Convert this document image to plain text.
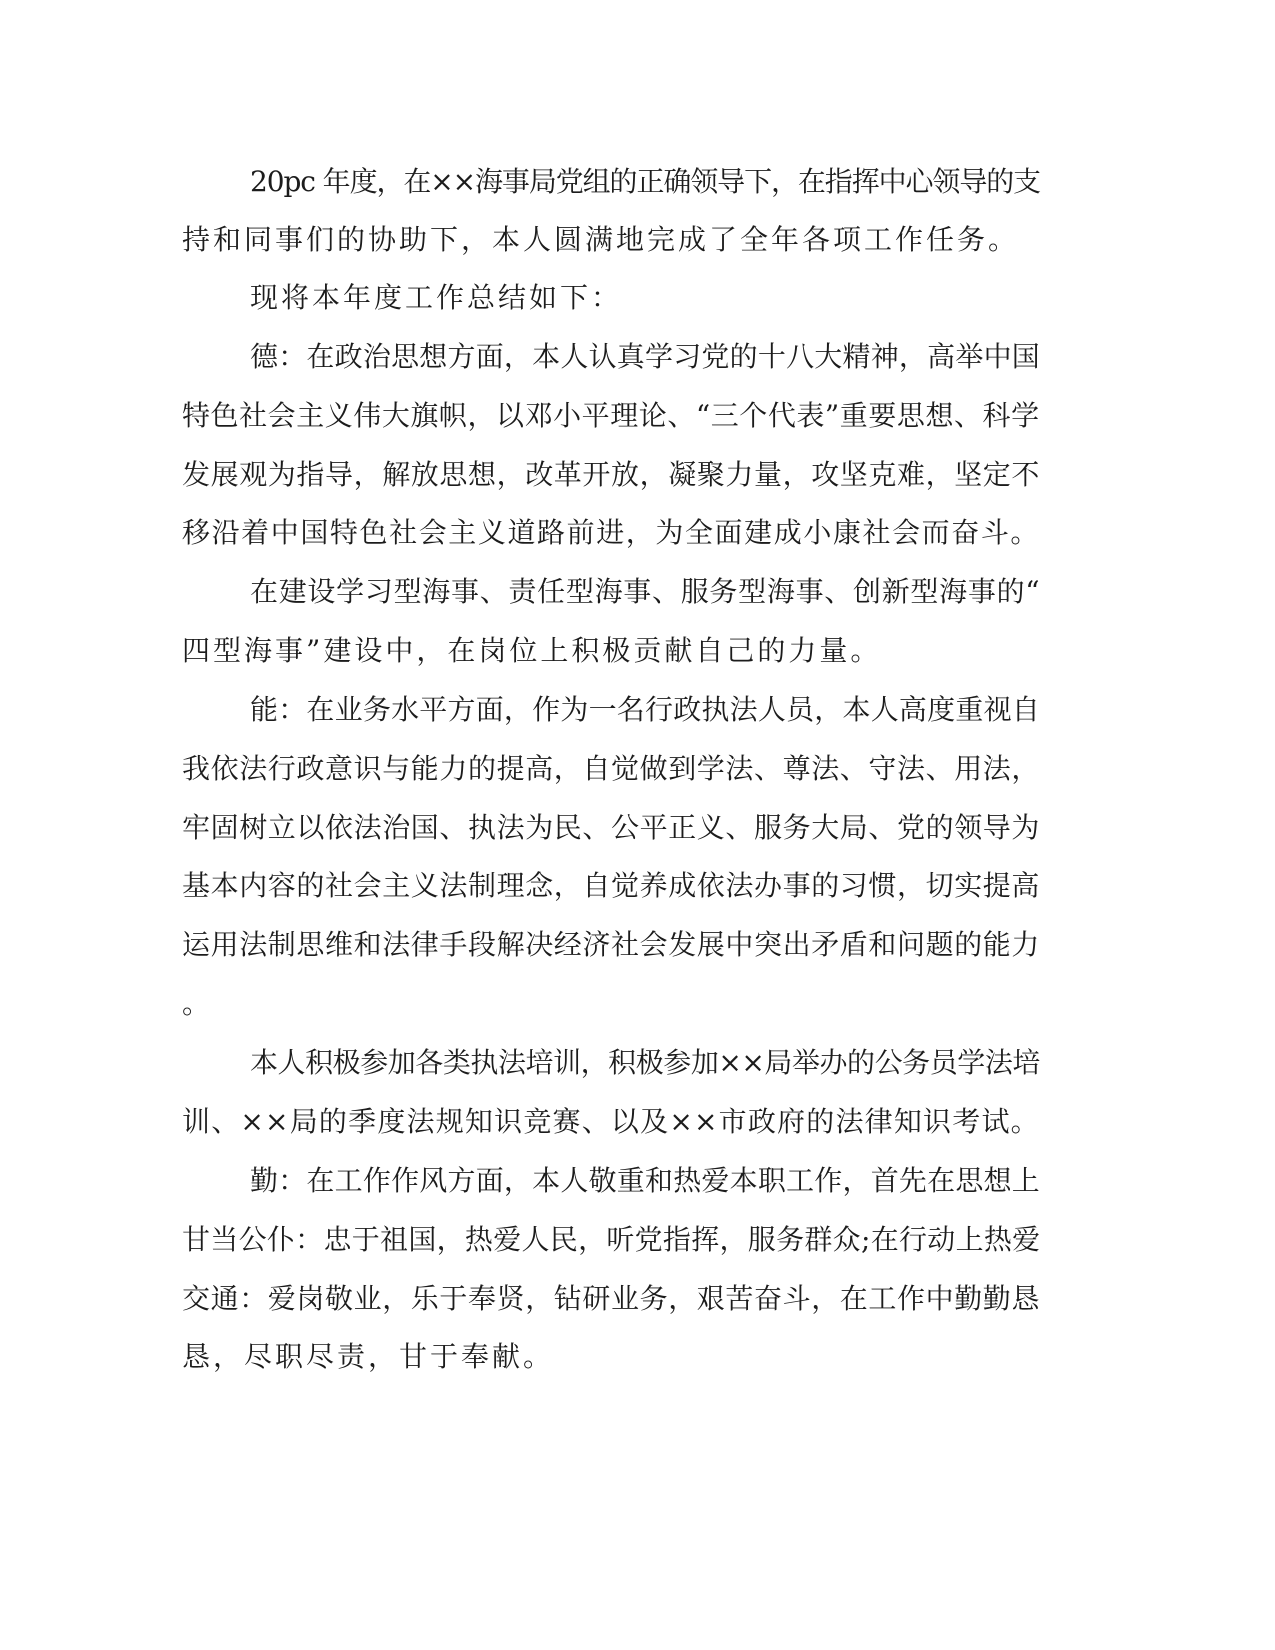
20pc 年度，在××海事局党组的正确领导下，在指挥中心领导的支
持和同事们的协助下，本人圆满地完成了全年各项工作任务。
现将本年度工作总结如下：
德：在政治思想方面，本人认真学习党的十八大精神，高举中国
特色社会主义伟大旗帜，以邓小平理论、“三个代表”重要思想、科学
发展观为指导，解放思想，改革开放，凝聚力量，攻坚克难，坚定不
移沿着中国特色社会主义道路前进，为全面建成小康社会而奋斗。
在建设学习型海事、责任型海事、服务型海事、创新型海事的“
四型海事”建设中，在岗位上积极贡献自己的力量。
能：在业务水平方面，作为一名行政执法人员，本人高度重视自
我依法行政意识与能力的提高，自觉做到学法、尊法、守法、用法，
牢固树立以依法治国、执法为民、公平正义、服务大局、党的领导为
基本内容的社会主义法制理念，自觉养成依法办事的习惯，切实提高
运用法制思维和法律手段解决经济社会发展中突出矛盾和问题的能力
。
本人积极参加各类执法培训，积极参加××局举办的公务员学法培
训、××局的季度法规知识竞赛、以及××市政府的法律知识考试。
勤：在工作作风方面，本人敬重和热爱本职工作，首先在思想上
甘当公仆：忠于祖国，热爱人民，听党指挥，服务群众;在行动上热爱
交通：爱岗敬业，乐于奉贤，钻研业务，艰苦奋斗，在工作中勤勤恳
恳，尽职尽责，甘于奉献。
